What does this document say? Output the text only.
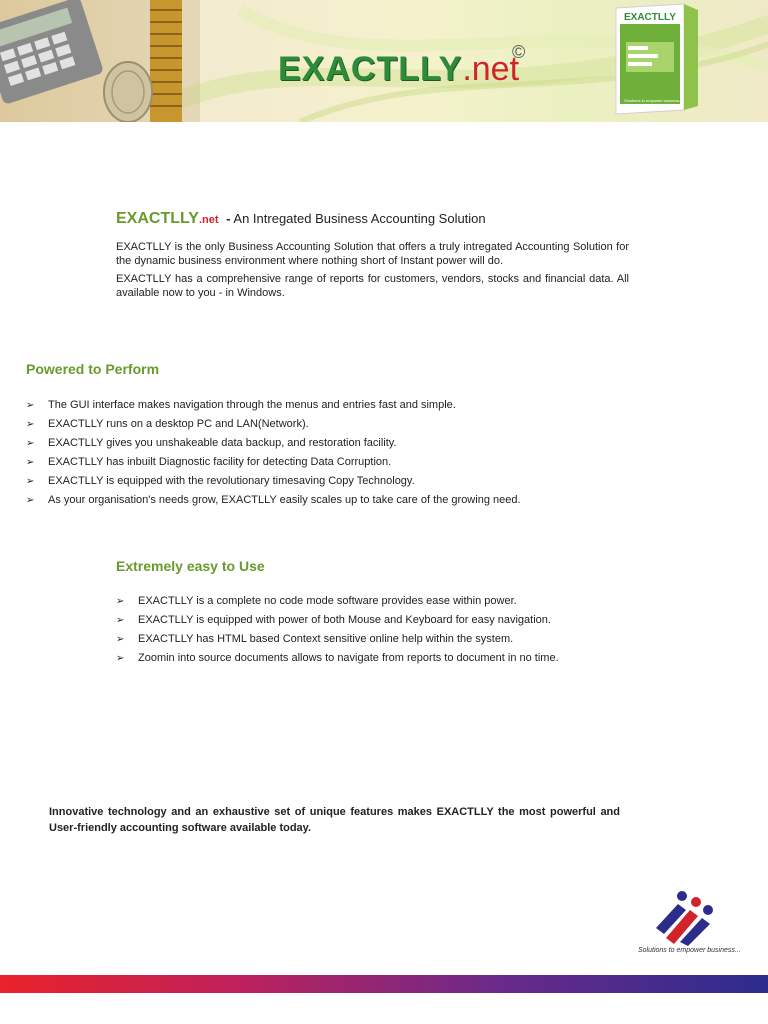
EXACTLLY.net
©
EXACTLLY
Solutions to empower business...
EXACTLLY.net - An Intregated Business Accounting Solution

EXACTLLY is the only Business Accounting Solution that offers a truly intregated Accounting Solution for the dynamic business environment where nothing short of Instant power will do.

EXACTLLY has a comprehensive range of reports for customers, vendors, stocks and financial data. All available now to you - in Windows.

Powered to Perform
➢ The GUI interface makes navigation through the menus and entries fast and simple.
➢ EXACTLLY runs on a desktop PC and LAN(Network).
➢ EXACTLLY gives you unshakeable data backup, and restoration facility.
➢ EXACTLLY has inbuilt Diagnostic facility for detecting Data Corruption.
➢ EXACTLLY is equipped with the revolutionary timesaving Copy Technology.
➢ As your organisation's needs grow, EXACTLLY easily scales up to take care of the growing need.
Extremely easy to Use
➢ EXACTLLY is a complete no code mode software provides ease within power.
➢ EXACTLLY is equipped with power of both Mouse and Keyboard for easy navigation.
➢ EXACTLLY has HTML based Context sensitive online help within the system.
➢ Zoomin into source documents allows to navigate from reports to document in no time.

Innovative technology and an exhaustive set of unique features makes EXACTLLY the most powerful and User-friendly accounting software available today.

Solutions to empower business...
